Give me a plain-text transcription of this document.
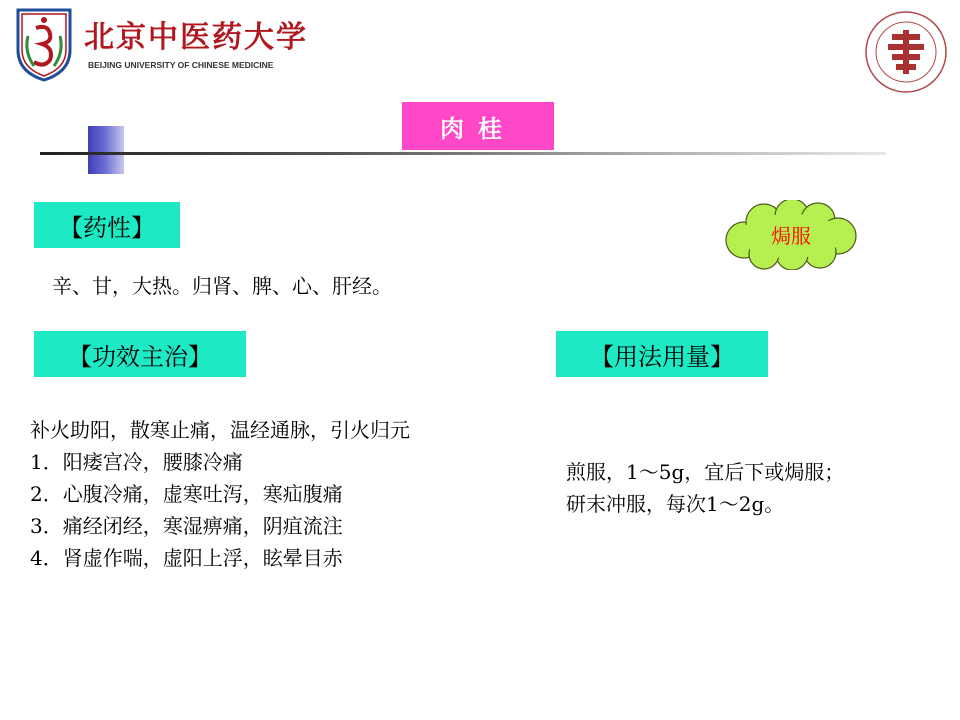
北京中医药大学
BEIJING UNIVERSITY OF CHINESE MEDICINE
肉桂
【药性】
辛、甘，大热。归肾、脾、心、肝经。
焗服
【功效主治】
补火助阳，散寒止痛，温经通脉，引火归元
1．阳痿宫冷，腰膝冷痛
2．心腹冷痛，虚寒吐泻，寒疝腹痛
3．痛经闭经，寒湿痹痛，阴疽流注
4．肾虚作喘，虚阳上浮，眩晕目赤
【用法用量】
煎服，1～5g，宜后下或焗服；
研末冲服，每次1～2g。
